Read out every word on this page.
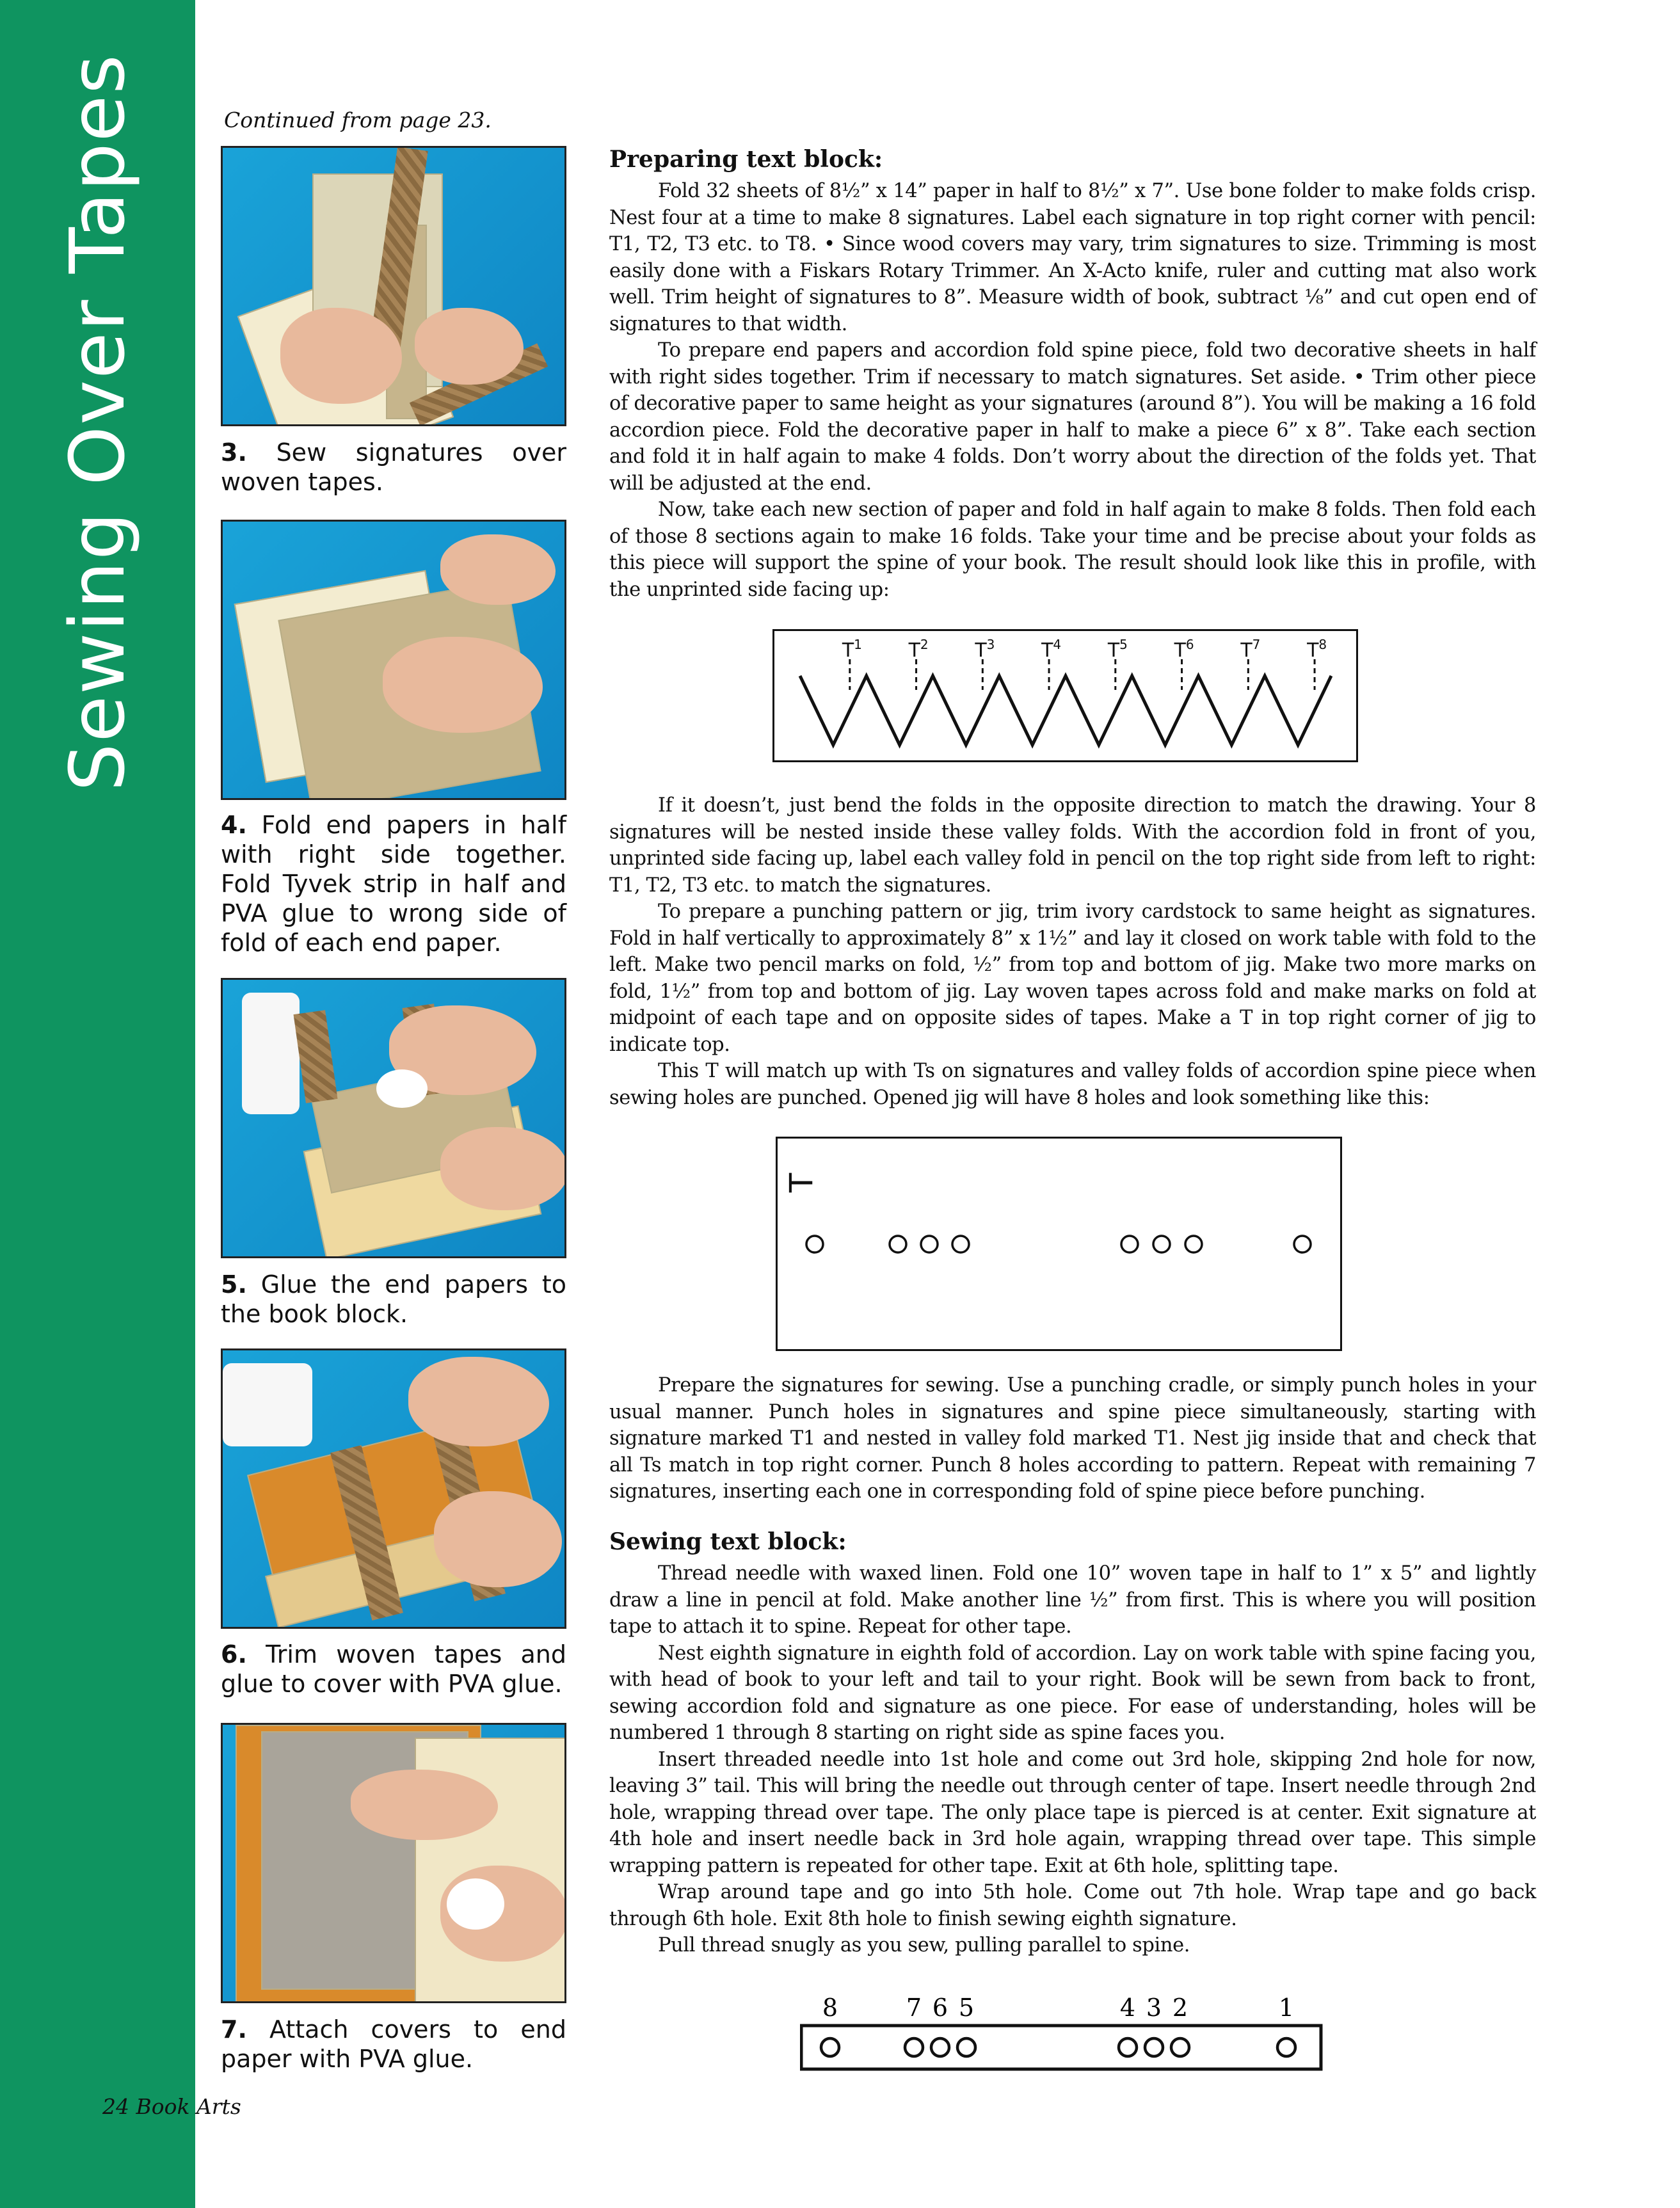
Sewing Over Tapes	Continued from page 23.
3. Sew signatures over woven tapes.
4. Fold end papers in half with right side together. Fold Tyvek strip in half and PVA glue to wrong side of fold of each end paper.
5. Glue the end papers to the book block.
6. Trim woven tapes and glue to cover with PVA glue.
7. Attach covers to end paper with PVA glue.
24 Book Arts
Preparing text block:

Fold 32 sheets of 8½” x 14” paper in half to 8½” x 7”. Use bone folder to make folds crisp. Nest four at a time to make 8 signatures. Label each signature in top right corner with pencil: T1, T2, T3 etc. to T8. • Since wood covers may vary, trim signatures to size. Trimming is most easily done with a Fiskars Rotary Trimmer. An X-Acto knife, ruler and cutting mat also work well. Trim height of signatures to 8”. Measure width of book, subtract ⅛” and cut open end of signatures to that width.

To prepare end papers and accordion fold spine piece, fold two decorative sheets in half with right sides together. Trim if necessary to match signatures. Set aside. • Trim other piece of decorative paper to same height as your signatures (around 8”). You will be making a 16 fold accordion piece. Fold the decorative paper in half to make a piece 6” x 8”. Take each section and fold it in half again to make 4 folds. Don’t worry about the direction of the folds yet. That will be adjusted at the end.

Now, take each new section of paper and fold in half again to make 8 folds. Then fold each of those 8 sections again to make 16 folds. Take your time and be precise about your folds as this piece will support the spine of your book. The result should look like this in profile, with the unprinted side facing up:

$T^1$ $T^2$ $T^3$ $T^4$ $T^5$ $T^6$ $T^7$ $T^8$

If it doesn’t, just bend the folds in the opposite direction to match the drawing. Your 8 signatures will be nested inside these valley folds. With the accordion fold in front of you, unprinted side facing up, label each valley fold in pencil on the top right side from left to right: T1, T2, T3 etc. to match the signatures.

To prepare a punching pattern or jig, trim ivory cardstock to same height as signatures. Fold in half vertically to approximately 8” x 1½” and lay it closed on work table with fold to the left. Make two pencil marks on fold, ½” from top and bottom of jig. Make two more marks on fold, 1½” from top and bottom of jig. Lay woven tapes across fold and make marks on fold at midpoint of each tape and on opposite sides of tapes. Make a T in top right corner of jig to indicate top.

This T will match up with Ts on signatures and valley folds of accordion spine piece when sewing holes are punched. Opened jig will have 8 holes and look something like this:

T

Prepare the signatures for sewing. Use a punching cradle, or simply punch holes in your usual manner. Punch holes in signatures and spine piece simultaneously, starting with signature marked T1 and nested in valley fold marked T1. Nest jig inside that and check that all Ts match in top right corner. Punch 8 holes according to pattern. Repeat with remaining 7 signatures, inserting each one in corresponding fold of spine piece before punching.

Sewing text block:

Thread needle with waxed linen. Fold one 10” woven tape in half to 1” x 5” and lightly draw a line in pencil at fold. Make another line ½” from first. This is where you will position tape to attach it to spine. Repeat for other tape.

Nest eighth signature in eighth fold of accordion. Lay on work table with spine facing you, with head of book to your left and tail to your right. Book will be sewn from back to front, sewing accordion fold and signature as one piece. For ease of understanding, holes will be numbered 1 through 8 starting on right side as spine faces you.

Insert threaded needle into 1st hole and come out 3rd hole, skipping 2nd hole for now, leaving 3” tail. This will bring the needle out through center of tape. Insert needle through 2nd hole, wrapping thread over tape. The only place tape is pierced is at center. Exit signature at 4th hole and insert needle back in 3rd hole again, wrapping thread over tape. This simple wrapping pattern is repeated for other tape. Exit at 6th hole, splitting tape.

Wrap around tape and go into 5th hole. Come out 7th hole. Wrap tape and go back through 6th hole. Exit 8th hole to finish sewing eighth signature.

Pull thread snugly as you sew, pulling parallel to spine.

8	7 6 5	4 3 2	1
